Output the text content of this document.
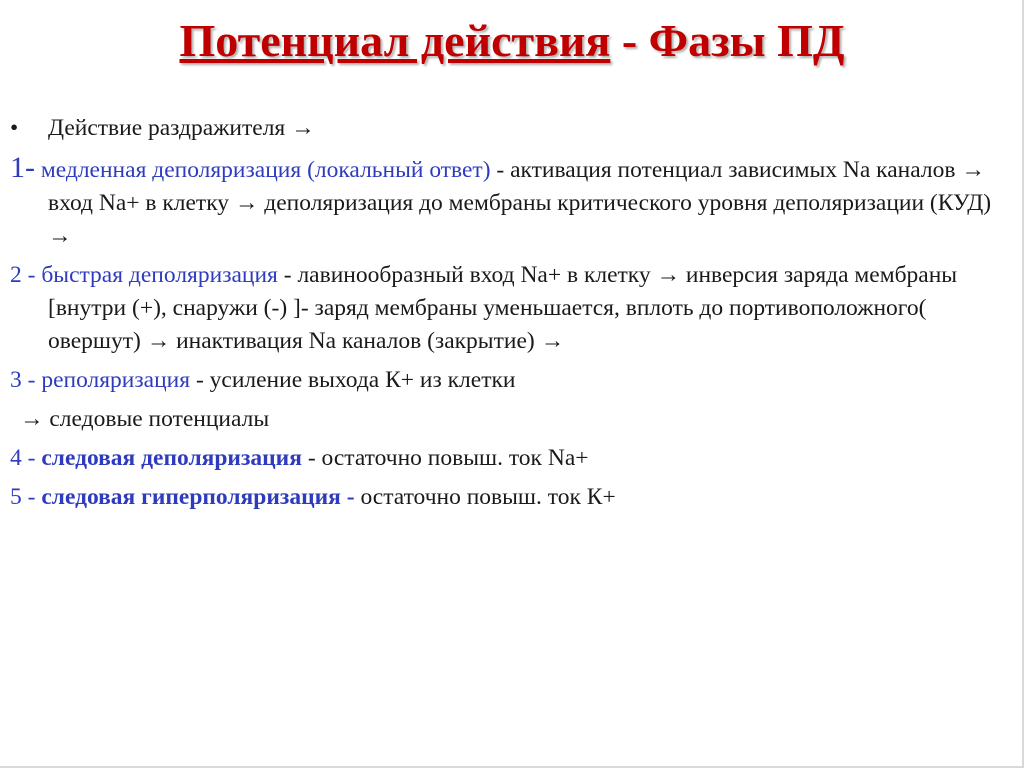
Потенциал действия - Фазы ПД
•	Действие раздражителя →
1- медленная деполяризация (локальный ответ) - активация потенциал зависимых Na каналов → вход Na+ в клетку → деполяризация до мембраны критического уровня деполяризации (КУД) →
2 - быстрая деполяризация - лавинообразный вход Na+ в клетку → инверсия заряда мембраны [внутри (+), снаружи (-) ]- заряд мембраны уменьшается, вплоть до портивоположного( овершут) → инактивация Na каналов (закрытие) →
3 - реполяризация - усиление выхода К+ из клетки
→ следовые потенциалы
4 - следовая деполяризация - остаточно повыш. ток Na+
5 - следовая гиперполяризация - остаточно повыш. ток К+
